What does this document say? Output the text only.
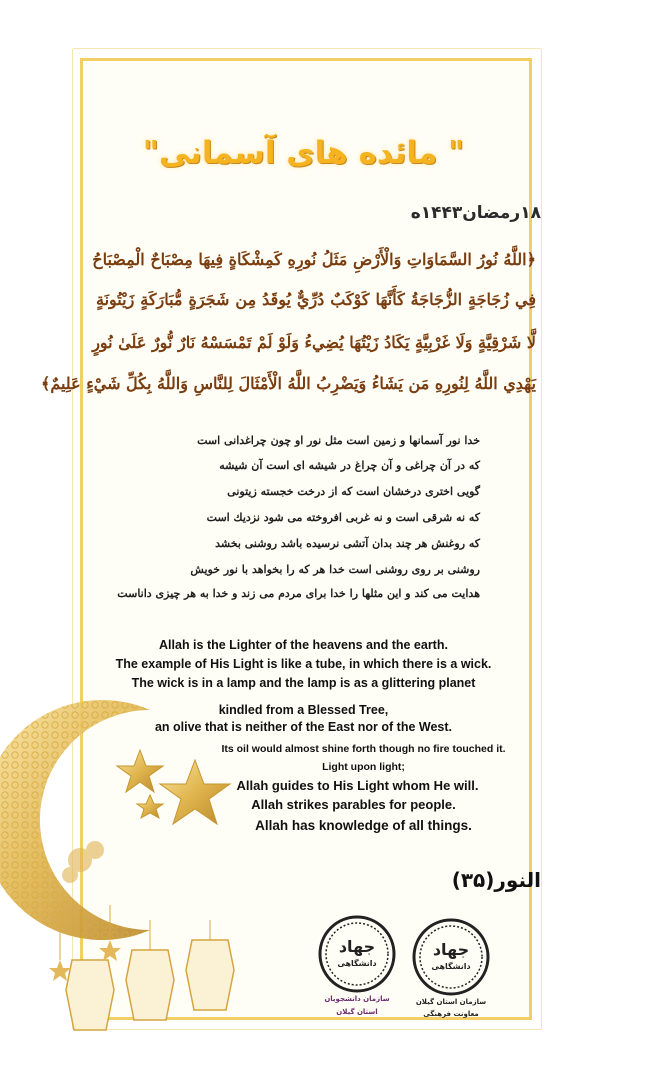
" مائده های آسمانی"
۱۸رمضان۱۴۴۳ه
﴿اللَّهُ نُورُ السَّمَاوَاتِ وَالْأَرْضِ مَثَلُ نُورِهِ كَمِشْكَاةٍ فِيهَا مِصْبَاحٌ الْمِصْبَاحُ
فِي زُجَاجَةٍ الزُّجَاجَةُ كَأَنَّهَا كَوْكَبٌ دُرِّيٌّ يُوقَدُ مِن شَجَرَةٍ مُّبَارَكَةٍ زَيْتُونَةٍ
لَّا شَرْقِيَّةٍ وَلَا غَرْبِيَّةٍ يَكَادُ زَيْتُهَا يُضِيءُ وَلَوْ لَمْ تَمْسَسْهُ نَارٌ نُّورٌ عَلَىٰ نُورٍ
يَهْدِي اللَّهُ لِنُورِهِ مَن يَشَاءُ وَيَضْرِبُ اللَّهُ الْأَمْثَالَ لِلنَّاسِ وَاللَّهُ بِكُلِّ شَيْءٍ عَلِيمٌ﴾
خدا نور آسمانها و زمین است مثل نور او چون چراغدانی است
كه در آن چراغی و آن چراغ در شیشه ای است آن شیشه
گویی اختری درخشان است كه از درخت خجسته زیتونی
كه نه شرقی است و نه غربی افروخته می شود نزدیك است
كه روغنش هر چند بدان آتشی نرسیده باشد روشنی بخشد
روشنی بر روی روشنی است خدا هر كه را بخواهد با نور خویش
هدایت می كند و این مثلها را خدا برای مردم می زند و خدا به هر چیزی داناست
Allah is the Lighter of the heavens and the earth.
The example of His Light is like a tube, in which there is a wick.
The wick is in a lamp and the lamp is as a glittering planet
kindled from a Blessed Tree,
an olive that is neither of the East nor of the West.
Its oil would almost shine forth though no fire touched it.
Light upon light;
Allah guides to His Light whom He will.
Allah strikes parables for people.
Allah has knowledge of all things.
النور(۳۵)
جهاد
دانشگاهی
سازمان دانشجویان
استان گیلان
جهاد
دانشگاهی
سازمان استان گیلان
معاونت فرهنگی
